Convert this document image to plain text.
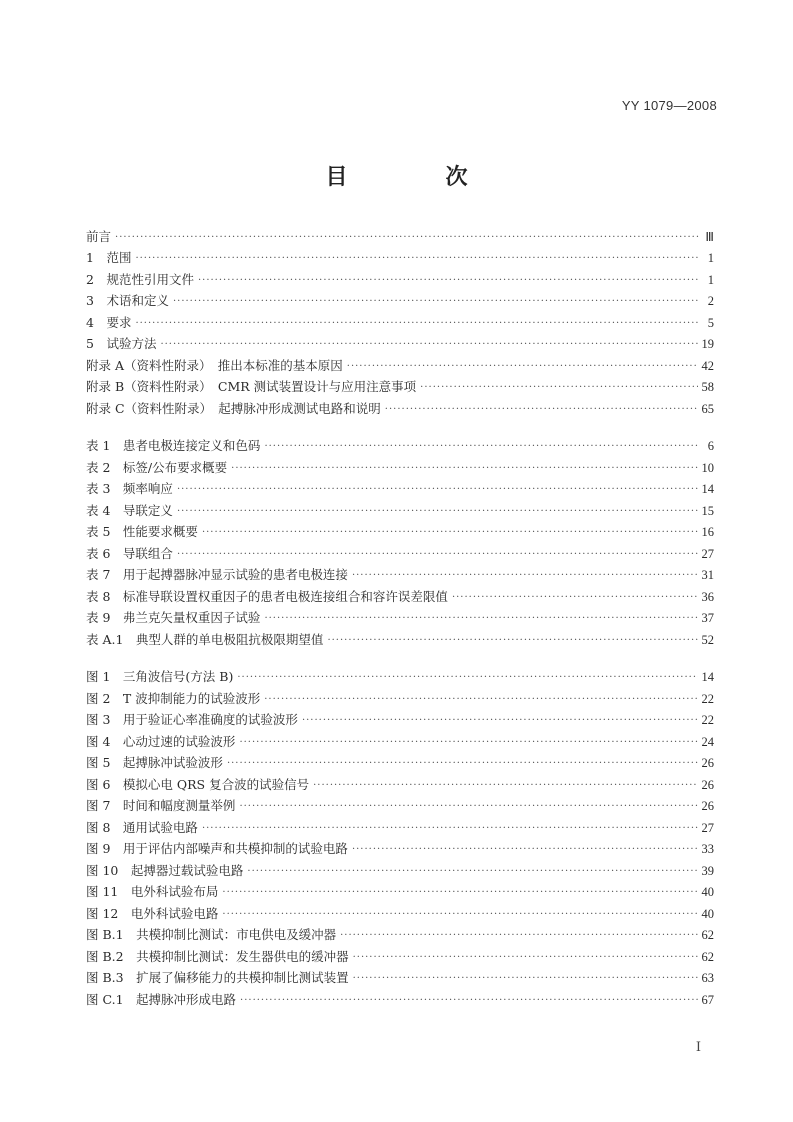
YY 1079—2008
目　次
前言 ·····	Ⅲ
1　范围 ·····	1
2　规范性引用文件 ·····	1
3　术语和定义 ·····	2
4　要求 ·····	5
5　试验方法 ·····	19
附录 A（资料性附录）　推出本标准的基本原因 ·····	42
附录 B（资料性附录）　CMR 测试装置设计与应用注意事项 ·····	58
附录 C（资料性附录）　起搏脉冲形成测试电路和说明 ·····	65
表 1　患者电极连接定义和色码 ·····	6
表 2　标签/公布要求概要 ·····	10
表 3　频率响应 ·····	14
表 4　导联定义 ·····	15
表 5　性能要求概要 ·····	16
表 6　导联组合 ·····	27
表 7　用于起搏器脉冲显示试验的患者电极连接 ·····	31
表 8　标准导联设置权重因子的患者电极连接组合和容许误差限值 ·····	36
表 9　弗兰克矢量权重因子试验 ·····	37
表 A.1　典型人群的单电极阻抗极限期望值 ·····	52
图 1　三角波信号(方法 B) ·····	14
图 2　T 波抑制能力的试验波形 ·····	22
图 3　用于验证心率准确度的试验波形 ·····	22
图 4　心动过速的试验波形 ·····	24
图 5　起搏脉冲试验波形 ·····	26
图 6　模拟心电 QRS 复合波的试验信号 ·····	26
图 7　时间和幅度测量举例 ·····	26
图 8　通用试验电路 ·····	27
图 9　用于评估内部噪声和共模抑制的试验电路 ·····	33
图 10　起搏器过载试验电路 ·····	39
图 11　电外科试验布局 ·····	40
图 12　电外科试验电路 ·····	40
图 B.1　共模抑制比测试：市电供电及缓冲器 ·····	62
图 B.2　共模抑制比测试：发生器供电的缓冲器 ·····	62
图 B.3　扩展了偏移能力的共模抑制比测试装置 ·····	63
图 C.1　起搏脉冲形成电路 ·····	67
I
